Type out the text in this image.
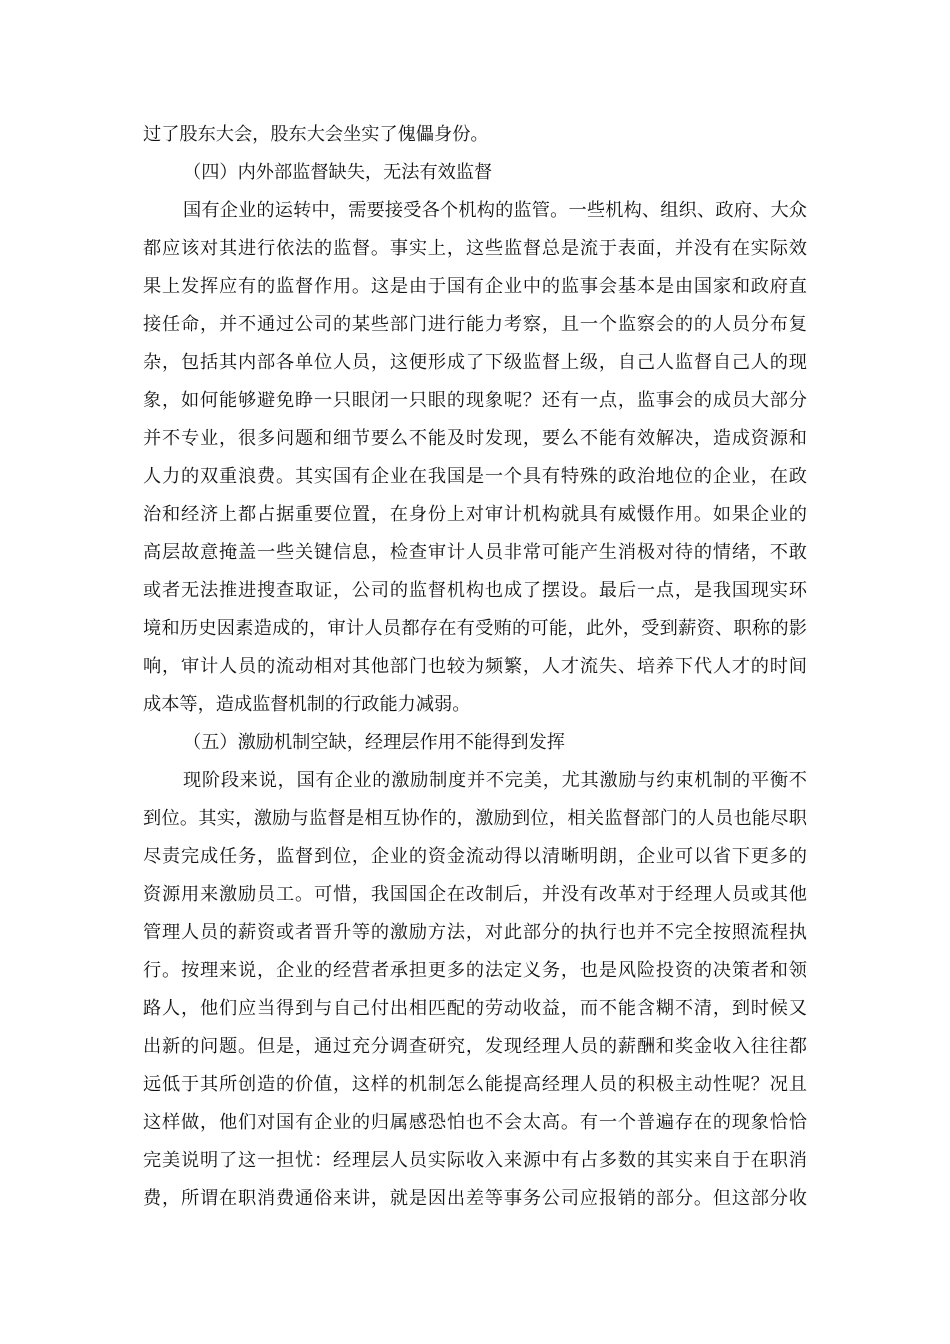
过了股东大会，股东大会坐实了傀儡身份。
（四）内外部监督缺失，无法有效监督
国有企业的运转中，需要接受各个机构的监管。一些机构、组织、政府、大众
都应该对其进行依法的监督。事实上，这些监督总是流于表面，并没有在实际效
果上发挥应有的监督作用。这是由于国有企业中的监事会基本是由国家和政府直
接任命，并不通过公司的某些部门进行能力考察，且一个监察会的的人员分布复
杂，包括其内部各单位人员，这便形成了下级监督上级，自己人监督自己人的现
象，如何能够避免睁一只眼闭一只眼的现象呢？还有一点，监事会的成员大部分
并不专业，很多问题和细节要么不能及时发现，要么不能有效解决，造成资源和
人力的双重浪费。其实国有企业在我国是一个具有特殊的政治地位的企业，在政
治和经济上都占据重要位置，在身份上对审计机构就具有威慑作用。如果企业的
高层故意掩盖一些关键信息，检查审计人员非常可能产生消极对待的情绪，不敢
或者无法推进搜查取证，公司的监督机构也成了摆设。最后一点，是我国现实环
境和历史因素造成的，审计人员都存在有受贿的可能，此外，受到薪资、职称的影
响，审计人员的流动相对其他部门也较为频繁，人才流失、培养下代人才的时间
成本等，造成监督机制的行政能力减弱。
（五）激励机制空缺，经理层作用不能得到发挥
现阶段来说，国有企业的激励制度并不完美，尤其激励与约束机制的平衡不
到位。其实，激励与监督是相互协作的，激励到位，相关监督部门的人员也能尽职
尽责完成任务，监督到位，企业的资金流动得以清晰明朗，企业可以省下更多的
资源用来激励员工。可惜，我国国企在改制后，并没有改革对于经理人员或其他
管理人员的薪资或者晋升等的激励方法，对此部分的执行也并不完全按照流程执
行。按理来说，企业的经营者承担更多的法定义务，也是风险投资的决策者和领
路人，他们应当得到与自己付出相匹配的劳动收益，而不能含糊不清，到时候又
出新的问题。但是，通过充分调查研究，发现经理人员的薪酬和奖金收入往往都
远低于其所创造的价值，这样的机制怎么能提高经理人员的积极主动性呢？况且
这样做，他们对国有企业的归属感恐怕也不会太高。有一个普遍存在的现象恰恰
完美说明了这一担忧：经理层人员实际收入来源中有占多数的其实来自于在职消
费，所谓在职消费通俗来讲，就是因出差等事务公司应报销的部分。但这部分收
